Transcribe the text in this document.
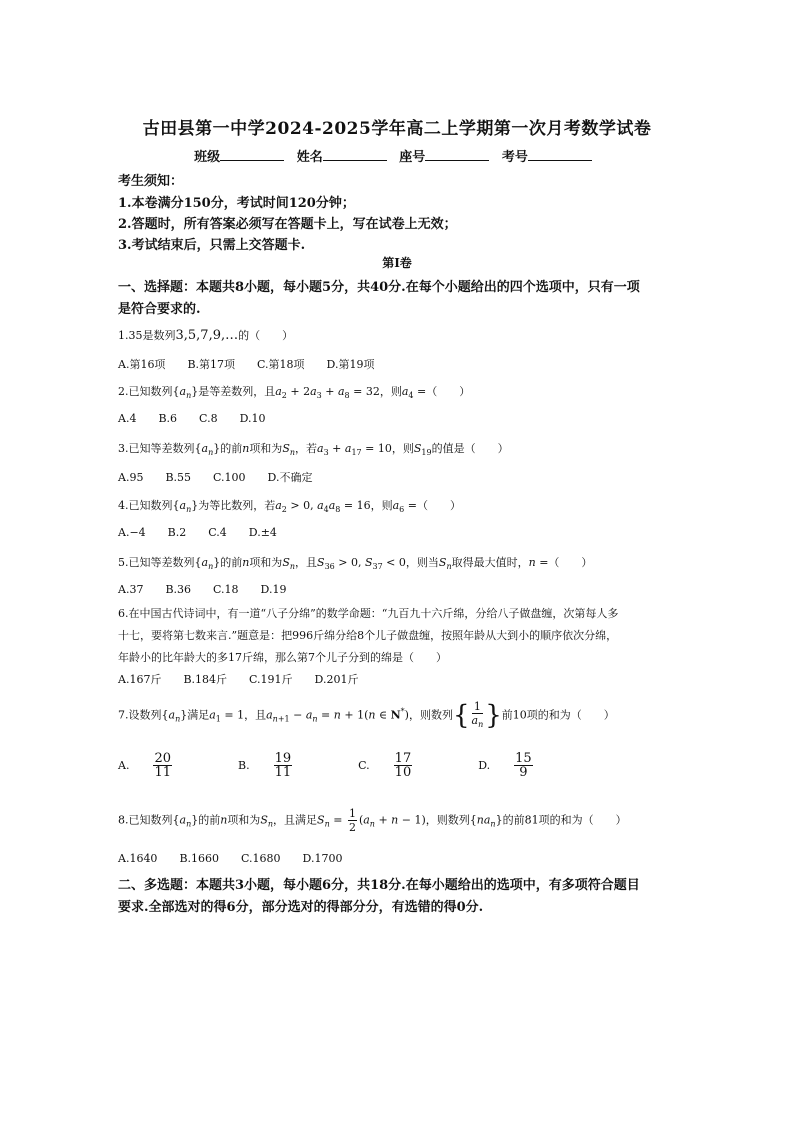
古田县第一中学2024-2025学年高二上学期第一次月考数学试卷
班级	姓名	座号	考号
考生须知：
1.本卷满分150分，考试时间120分钟；
2.答题时，所有答案必须写在答题卡上，写在试卷上无效；
3.考试结束后，只需上交答题卡.
第I卷
一、选择题：本题共8小题，每小题5分，共40分.在每个小题给出的四个选项中，只有一项
是符合要求的.
1.35是数列3,5,7,9,…的（　　）
A.第16项 B.第17项 C.第18项 D.第19项
2.已知数列$\{a_n\}$是等差数列，且$a_2 + 2a_3 + a_8 = 32$，则$a_4$ =（　　）
A.4 B.6 C.8 D.10
3.已知等差数列$\{a_n\}$的前n项和为$S_n$，若$a_3 + a_{17} = 10$，则$S_{19}$的值是（　　）
A.95 B.55 C.100 D.不确定
4.已知数列$\{a_n\}$为等比数列，若$a_2 > 0$, $a_4a_8 = 16$，则$a_6$ =（　　）
A.−4 B.2 C.4 D.±4
5.已知等差数列$\{a_n\}$的前n项和为$S_n$，且$S_{36} > 0$, $S_{37} < 0$，则当$S_n$取得最大值时，n =（　　）
A.37 B.36 C.18 D.19
6.在中国古代诗词中，有一道“八子分绵”的数学命题：“九百九十六斤绵，分给八子做盘缠，次第每人多
十七，要将第七数来言.”题意是：把996斤绵分给8个儿子做盘缠，按照年龄从大到小的顺序依次分绵，
年龄小的比年龄大的多17斤绵，那么第7个儿子分到的绵是（　　）
A.167斤 B.184斤 C.191斤 D.201斤
7.设数列$\{a_n\}$满足$a_1 = 1$，且$a_{n+1} - a_n = n + 1(n$ ∈ N*)，则数列{ $\frac{1}{a_n}$ }前10项的和为（　　）
A. $\frac{20}{11}$	B. $\frac{19}{11}$	C. $\frac{17}{10}$	D. $\frac{15}{9}$
8.已知数列$\{a_n\}$的前n项和为$S_n$，且满足$S_n = \frac{1}{2} (a_n + n - 1)$，则数列$\{na_n\}$的前81项的和为（　　）
A.1640 B.1660 C.1680 D.1700
二、多选题：本题共3小题，每小题6分，共18分.在每小题给出的选项中，有多项符合题目
要求.全部选对的得6分，部分选对的得部分分，有选错的得0分.
